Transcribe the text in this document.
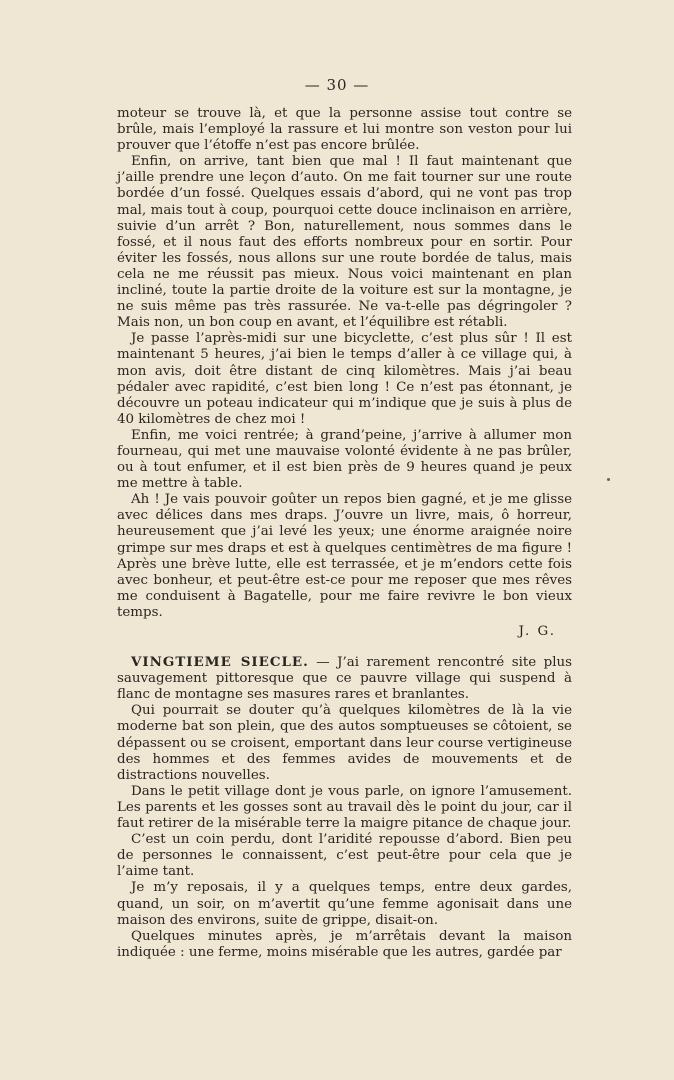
— 30 —

moteur se trouve là, et que la personne assise tout contre se brûle, mais l’employé la rassure et lui montre son veston pour lui prouver que l’étoffe n’est pas encore brûlée.

Enfin, on arrive, tant bien que mal ! Il faut maintenant que j’aille prendre une leçon d’auto. On me fait tourner sur une route bordée d’un fossé. Quelques essais d’abord, qui ne vont pas trop mal, mais tout à coup, pourquoi cette douce inclinaison en arrière, suivie d’un arrêt ? Bon, naturellement, nous sommes dans le fossé, et il nous faut des efforts nombreux pour en sortir. Pour éviter les fossés, nous allons sur une route bordée de talus, mais cela ne me réussit pas mieux. Nous voici maintenant en plan incliné, toute la partie droite de la voiture est sur la montagne, je ne suis même pas très rassurée. Ne va-t-elle pas dégringoler ? Mais non, un bon coup en avant, et l’équilibre est rétabli.

Je passe l’après-midi sur une bicyclette, c’est plus sûr ! Il est maintenant 5 heures, j’ai bien le temps d’aller à ce village qui, à mon avis, doit être distant de cinq kilomètres. Mais j’ai beau pédaler avec rapidité, c’est bien long ! Ce n’est pas étonnant, je découvre un poteau indicateur qui m’indique que je suis à plus de 40 kilomètres de chez moi !

Enfin, me voici rentrée; à grand’peine, j’arrive à allumer mon fourneau, qui met une mauvaise volonté évidente à ne pas brûler, ou à tout enfumer, et il est bien près de 9 heures quand je peux me mettre à table.

Ah ! Je vais pouvoir goûter un repos bien gagné, et je me glisse avec délices dans mes draps. J’ouvre un livre, mais, ô horreur, heureusement que j’ai levé les yeux; une énorme araignée noire grimpe sur mes draps et est à quelques centimètres de ma figure ! Après une brève lutte, elle est terrassée, et je m’endors cette fois avec bonheur, et peut-être est-ce pour me reposer que mes rêves me conduisent à Bagatelle, pour me faire revivre le bon vieux temps.

J. G.

VINGTIEME SIECLE. — J’ai rarement rencontré site plus sauvagement pittoresque que ce pauvre village qui suspend à flanc de montagne ses masures rares et branlantes.

Qui pourrait se douter qu’à quelques kilomètres de là la vie moderne bat son plein, que des autos somptueuses se côtoient, se dépassent ou se croisent, emportant dans leur course vertigineuse des hommes et des femmes avides de mouvements et de distractions nouvelles.

Dans le petit village dont je vous parle, on ignore l’amusement. Les parents et les gosses sont au travail dès le point du jour, car il faut retirer de la misérable terre la maigre pitance de chaque jour.

C’est un coin perdu, dont l’aridité repousse d’abord. Bien peu de personnes le connaissent, c’est peut-être pour cela que je l’aime tant.

Je m’y reposais, il y a quelques temps, entre deux gardes, quand, un soir, on m’avertit qu’une femme agonisait dans une maison des environs, suite de grippe, disait-on.

Quelques minutes après, je m’arrêtais devant la maison indiquée : une ferme, moins misérable que les autres, gardée par
